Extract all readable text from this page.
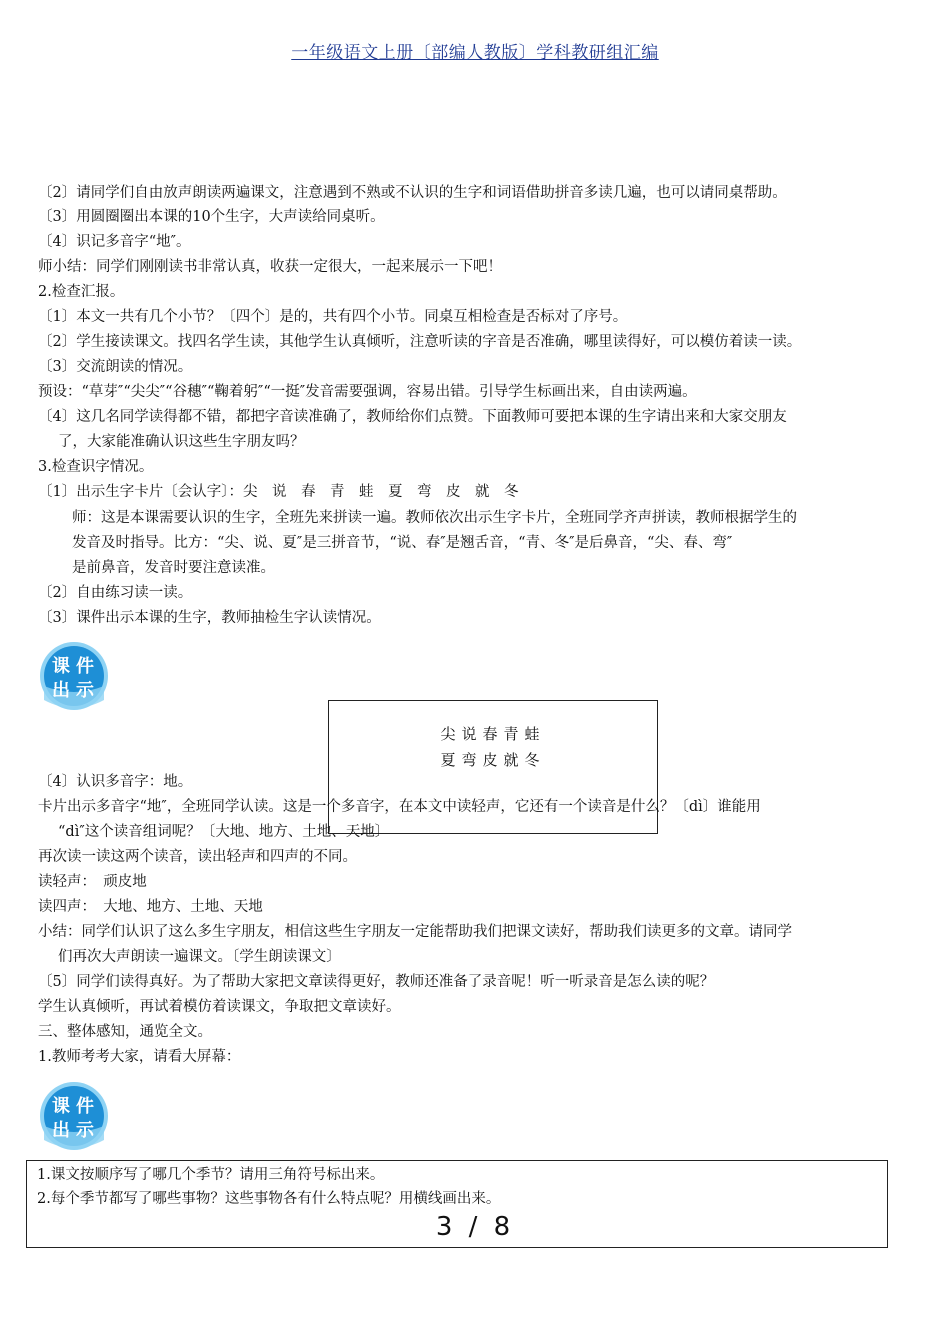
一年级语文上册〔部编人教版〕学科教研组汇编
〔2〕请同学们自由放声朗读两遍课文，注意遇到不熟或不认识的生字和词语借助拼音多读几遍，也可以请同桌帮助。
〔3〕用圆圈圈出本课的10个生字，大声读给同桌听。
〔4〕识记多音字“地″。
师小结：同学们刚刚读书非常认真，收获一定很大，一起来展示一下吧！
2.检查汇报。
〔1〕本文一共有几个小节？〔四个〕是的，共有四个小节。同桌互相检查是否标对了序号。
〔2〕学生接读课文。找四名学生读，其他学生认真倾听，注意听读的字音是否准确，哪里读得好，可以模仿着读一读。
〔3〕交流朗读的情况。
预设：“草芽″“尖尖″“谷穗″“鞠着躬″“一挺″发音需要强调，容易出错。引导学生标画出来，自由读两遍。
〔4〕这几名同学读得都不错，都把字音读准确了，教师给你们点赞。下面教师可要把本课的生字请出来和大家交朋友
了，大家能准确认识这些生字朋友吗？
3.检查识字情况。
〔1〕出示生字卡片〔会认字〕：尖　说　春　青　蛙　夏　弯　皮　就　冬
师：这是本课需要认识的生字，全班先来拼读一遍。教师依次出示生字卡片，全班同学齐声拼读，教师根据学生的
发音及时指导。比方：“尖、说、夏″是三拼音节，“说、春″是翘舌音，“青、冬″是后鼻音，“尖、春、弯″
是前鼻音，发音时要注意读准。
〔2〕自由练习读一读。
〔3〕课件出示本课的生字，教师抽检生字认读情况。
课 件
出 示
尖说春青蛙
夏弯皮就冬
〔4〕认识多音字：地。
卡片出示多音字“地″，全班同学认读。这是一个多音字，在本文中读轻声，它还有一个读音是什么？〔dì〕谁能用
“dì″这个读音组词呢？〔大地、地方、土地、天地〕
再次读一读这两个读音，读出轻声和四声的不同。
读轻声：　顽皮地
读四声：　大地、地方、土地、天地
小结：同学们认识了这么多生字朋友，相信这些生字朋友一定能帮助我们把课文读好，帮助我们读更多的文章。请同学
们再次大声朗读一遍课文。〔学生朗读课文〕
〔5〕同学们读得真好。为了帮助大家把文章读得更好，教师还准备了录音呢！听一听录音是怎么读的呢？
学生认真倾听，再试着模仿着读课文，争取把文章读好。
三、整体感知，通览全文。
1.教师考考大家，请看大屏幕：
课 件
出 示
1.课文按顺序写了哪几个季节？请用三角符号标出来。
2.每个季节都写了哪些事物？这些事物各有什么特点呢？用横线画出来。
3 / 8
